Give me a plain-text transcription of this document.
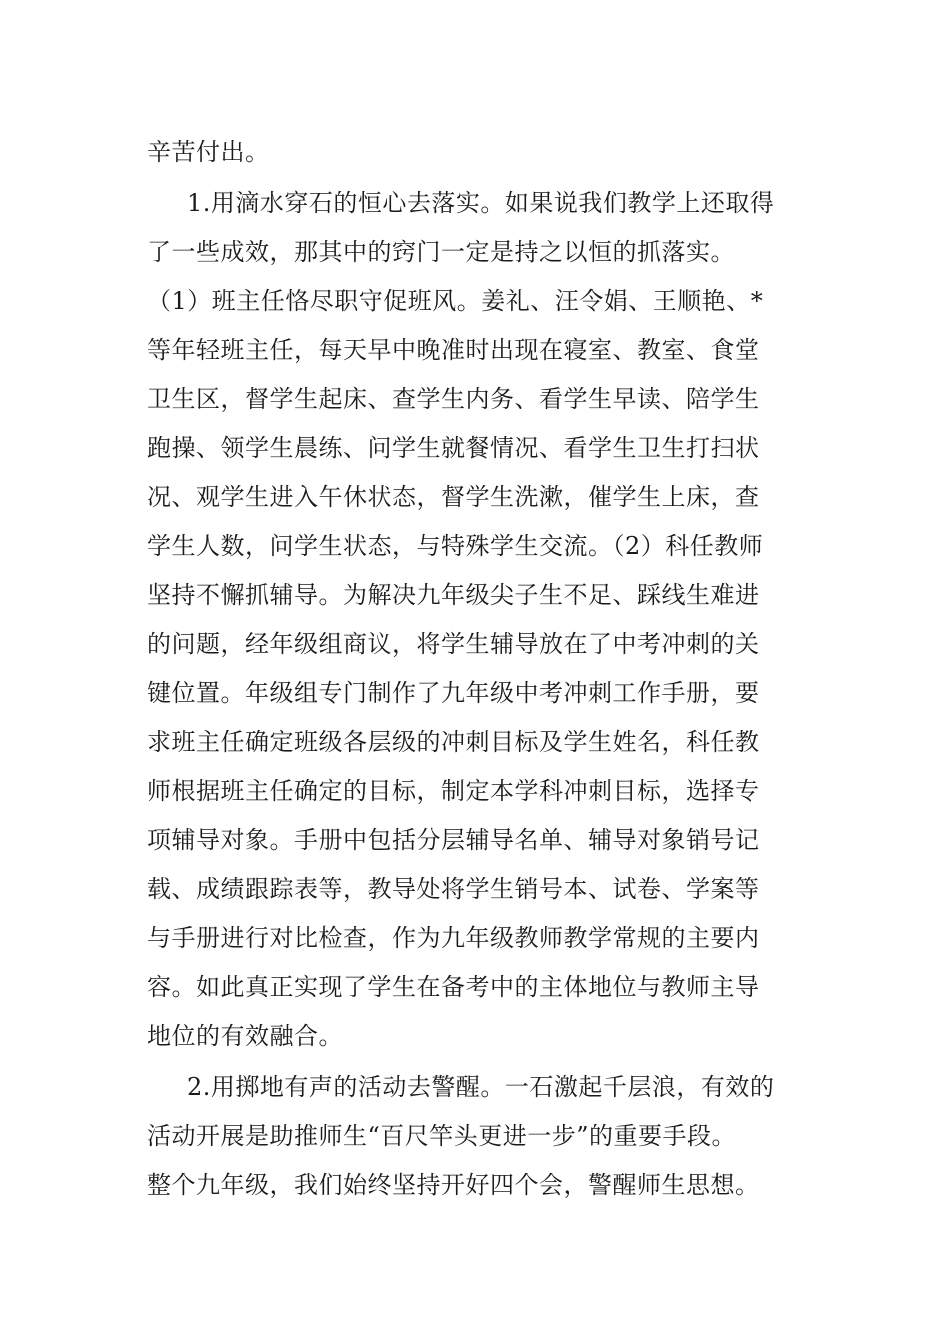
辛苦付出。
1.用滴水穿石的恒心去落实。如果说我们教学上还取得
了一些成效，那其中的窍门一定是持之以恒的抓落实。
（1）班主任恪尽职守促班风。姜礼、汪令娟、王顺艳、*
等年轻班主任，每天早中晚准时出现在寝室、教室、食堂
卫生区，督学生起床、查学生内务、看学生早读、陪学生
跑操、领学生晨练、问学生就餐情况、看学生卫生打扫状
况、观学生进入午休状态，督学生洗漱，催学生上床，查
学生人数，问学生状态，与特殊学生交流。（2）科任教师
坚持不懈抓辅导。为解决九年级尖子生不足、踩线生难进
的问题，经年级组商议，将学生辅导放在了中考冲刺的关
键位置。年级组专门制作了九年级中考冲刺工作手册，要
求班主任确定班级各层级的冲刺目标及学生姓名，科任教
师根据班主任确定的目标，制定本学科冲刺目标，选择专
项辅导对象。手册中包括分层辅导名单、辅导对象销号记
载、成绩跟踪表等，教导处将学生销号本、试卷、学案等
与手册进行对比检查，作为九年级教师教学常规的主要内
容。如此真正实现了学生在备考中的主体地位与教师主导
地位的有效融合。
2.用掷地有声的活动去警醒。一石激起千层浪，有效的
活动开展是助推师生“百尺竿头更进一步”的重要手段。
整个九年级，我们始终坚持开好四个会，警醒师生思想。
